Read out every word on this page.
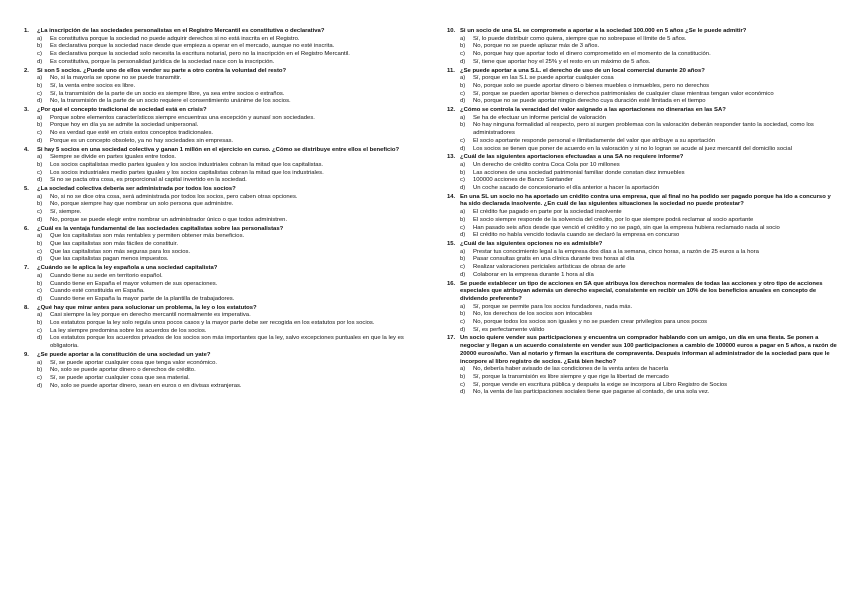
1.	¿La inscripción de las sociedades personalistas en el Registro Mercantil es constitutiva o declarativa?
a)	Es constitutiva porque la sociedad no puede adquirir derechos si no está inscrita en el Registro.
b)	Es declarativa porque la sociedad nace desde que empieza a operar en el mercado, aunque no esté inscrita.
c)	Es declarativa porque la sociedad solo necesita la escritura notarial, pero no la inscripción en el Registro Mercantil.
d)	Es constitutiva, porque la personalidad jurídica de la sociedad nace con la inscripción.
2.	Si son 5 socios. ¿Puede uno de ellos vender su parte a otro contra la voluntad del resto?
a)	No, si la mayoría se opone no se puede transmitir.
b)	Sí, la venta entre socios es libre.
c)	Sí, la transmisión de la parte de un socio es siempre libre, ya sea entre socios o extraños.
d)	No, la transmisión de la parte de un socio requiere el consentimiento unánime de los socios.
3.	¿Por qué el concepto tradicional de sociedad está en crisis?
a)	Porque sobre elementos característicos siempre encuentras una excepción y aunasí son sociedades.
b)	Porque hoy en día ya se admite la sociedad unipersonal.
c)	No es verdad que esté en crisis estos conceptos tradicionales.
d)	Porque es un concepto obsoleto, ya no hay sociedades sin empresas.
4.	Si hay 5 socios en una sociedad colectiva y ganan 1 millón en el ejercicio en curso. ¿Cómo se distribuye entre ellos el beneficio?
a)	Siempre se divide en partes iguales entre todos.
b)	Los socios capitalistas medio partes iguales y los socios industriales cobran la mitad que los capitalistas.
c)	Los socios industriales medio partes iguales y los socios capitalistas cobran la mitad que los industriales.
d)	Si no se pacta otra cosa, es proporcional al capital invertido en la sociedad.
5.	¿La sociedad colectiva debería ser administrada por todos los socios?
a)	No, si no se dice otra cosa, será administrada por todos los socios, pero caben otras opciones.
b)	No, porque siempre hay que nombrar un solo persona que administre.
c)	Sí, siempre.
d)	No, porque se puede elegir entre nombrar un administrador único o que todos administren.
6.	¿Cuál es la ventaja fundamental de las sociedades capitalistas sobre las personalistas?
a)	Que los capitalistas son más rentables y permiten obtener más beneficios.
b)	Que las capitalistas son más fáciles de constituir.
c)	Que las capitalistas son más seguras para los socios.
d)	Que las capitalistas pagan menos impuestos.
7.	¿Cuándo se le aplica la ley española a una sociedad capitalista?
a)	Cuando tiene su sede en territorio español.
b)	Cuando tiene en España el mayor volumen de sus operaciones.
c)	Cuando esté constituida en España.
d)	Cuando tiene en España la mayor parte de la plantilla de trabajadores.
8.	¿Qué hay que mirar antes para solucionar un problema, la ley o los estatutos?
a)	Casi siempre la ley porque en derecho mercantil normalmente es imperativa.
b)	Los estatutos porque la ley solo regula unos pocos casos y la mayor parte debe ser recogida en los estatutos por los socios.
c)	La ley siempre predomina sobre los acuerdos de los socios.
d)	Los estatutos porque los acuerdos privados de los socios son más importantes que la ley, salvo excepciones puntuales en que la ley es obligatoria.
9.	¿Se puede aportar a la constitución de una sociedad un yate?
a)	Sí, se puede aportar cualquier cosa que tenga valor económico.
b)	No, solo se puede aportar dinero o derechos de crédito.
c)	Sí, se puede aportar cualquier cosa que sea material.
d)	No, solo se puede aportar dinero, sean en euros o en divisas extranjeras.
10. Si un socio de una SL se compromete a aportar a la sociedad 100.000 en 5 años ¿Se le puede admitir?
a)	Sí, lo puede distribuir como quiera, siempre que no sobrepase el límite de 5 años.
b)	No, porque no se puede aplazar más de 3 años.
c)	No, porque hay que aportar todo el dinero comprometido en el momento de la constitución.
d)	Sí, tiene que aportar hoy el 25% y el resto en un máximo de 5 años.
11. ¿Se puede aportar a una S.L. el derecho de uso de un local comercial durante 20 años?
a)	Sí, porque en las S.L se puede aportar cualquier cosa
b)	No, porque solo se puede aportar dinero o bienes muebles o inmuebles, pero no derechos
c)	Sí, porque se pueden aportar bienes o derechos patrimoniales de cualquier clase mientras tengan valor económico
d)	No, porque no se puede aportar ningún derecho cuya duración esté limitada en el tiempo
12. ¿Cómo se controla la veracidad del valor asignado a las aportaciones no dinerarias en las SA?
a)	Se ha de efectuar un informe pericial de valoración
b)	No hay ninguna formalidad al respecto, pero si surgen problemas con la valoración deberán responder tanto la sociedad, como los administradores
c)	El socio aportante responde personal e ilimitadamente del valor que atribuye a su aportación
d)	Los socios se tienen que poner de acuerdo en la valoración y si no lo logran se acude al juez mercantil del domicilio social
13. ¿Cuál de las siguientes aportaciones efectuadas a una SA no requiere informe?
a)	Un derecho de crédito contra Coca Cola por 10 millones
b)	Las acciones de una sociedad patrimonial familiar donde constan diez inmuebles
c)	100000 acciones de Banco Santander
d)	Un coche sacado de concesionario el día anterior a hacer la aportación
14. En una SL un socio no ha aportado un crédito contra una empresa, que al final no ha podido ser pagado porque ha ido a concurso y ha sido declarada insolvente. ¿En cuál de las siguientes situaciones la sociedad no puede protestar?
a)	El crédito fue pagado en parte por la sociedad insolvente
b)	El socio siempre responde de la solvencia del crédito, por lo que siempre podrá reclamar al socio aportante
c)	Han pasado seis años desde que venció el crédito y no se pagó, sin que la empresa hubiera reclamado nada al socio
d)	El crédito no había vencido todavía cuando se declaró la empresa en concurso
15. ¿Cuál de las siguientes opciones no es admisible?
a)	Prestar tus conocimiento legal a la empresa dos días a la semana, cinco horas, a razón de 25 euros a la hora
b)	Pasar consultas gratis en una clínica durante tres horas al día
c)	Realizar valoraciones periciales artísticas de obras de arte
d)	Colaborar en la empresa durante 1 hora al día
16. Se puede establecer un tipo de acciones en SA que atribuya los derechos normales de todas las acciones y otro tipo de acciones especiales que atribuyan además un derecho especial, consistente en recibir un 10% de los beneficios anuales en concepto de dividendo preferente?
a)	Sí, porque se permite para los socios fundadores, nada más.
b)	No, los derechos de los socios son intocables
c)	No, porque todos los socios son iguales y no se pueden crear privilegios para unos pocos
d)	Sí, es perfectamente válido
17. Un socio quiere vender sus participaciones y encuentra un comprador hablando con un amigo, un día en una fiesta. Se ponen a negociar y llegan a un acuerdo consistente en vender sus 100 participaciones a cambio de 100000 euros a pagar en 5 años, a razón de 20000 euros/año. Van al notario y firman la escritura de compraventa. Después informan al administrador de la sociedad para que le incorpore al libro registro de socios. ¿Está bien hecho?
a)	No, debería haber avisado de las condiciones de la venta antes de hacerla
b)	Sí, porque la transmisión es libre siempre y que rige la libertad de mercado
c)	Sí, porque vende en escritura pública y después la exige se incorpora al Libro Registro de Socios
d)	No, la venta de las participaciones sociales tiene que pagarse al contado, de una sola vez.
